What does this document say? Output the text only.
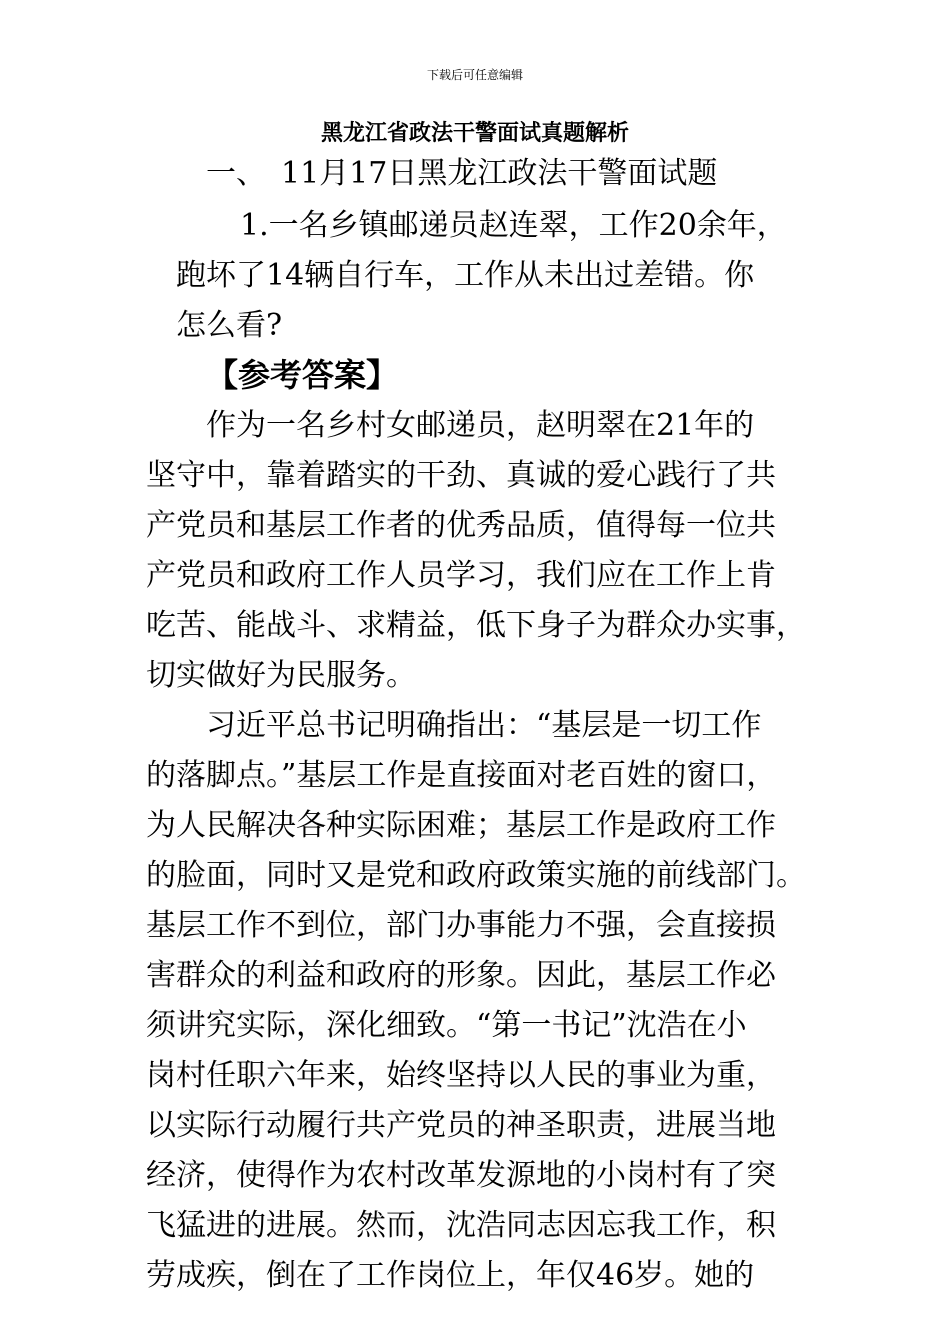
下载后可任意编辑
黑龙江省政法干警面试真题解析
一、　11月17日黑龙江政法干警面试题
1.一名乡镇邮递员赵连翠，工作20余年，
跑坏了14辆自行车，工作从未出过差错。你
怎么看?
【参考答案】
作为一名乡村女邮递员，赵明翠在21年的
坚守中，靠着踏实的干劲、真诚的爱心践行了共
产党员和基层工作者的优秀品质，值得每一位共
产党员和政府工作人员学习，我们应在工作上肯
吃苦、能战斗、求精益，低下身子为群众办实事，
切实做好为民服务。
习近平总书记明确指出：“基层是一切工作
的落脚点。”基层工作是直接面对老百姓的窗口，
为人民解决各种实际困难；基层工作是政府工作
的脸面，同时又是党和政府政策实施的前线部门。
基层工作不到位，部门办事能力不强，会直接损
害群众的利益和政府的形象。因此，基层工作必
须讲究实际，深化细致。“第一书记”沈浩在小
岗村任职六年来，始终坚持以人民的事业为重，
以实际行动履行共产党员的神圣职责，进展当地
经济，使得作为农村改革发源地的小岗村有了突
飞猛进的进展。然而，沈浩同志因忘我工作，积
劳成疾，倒在了工作岗位上，年仅46岁。她的
